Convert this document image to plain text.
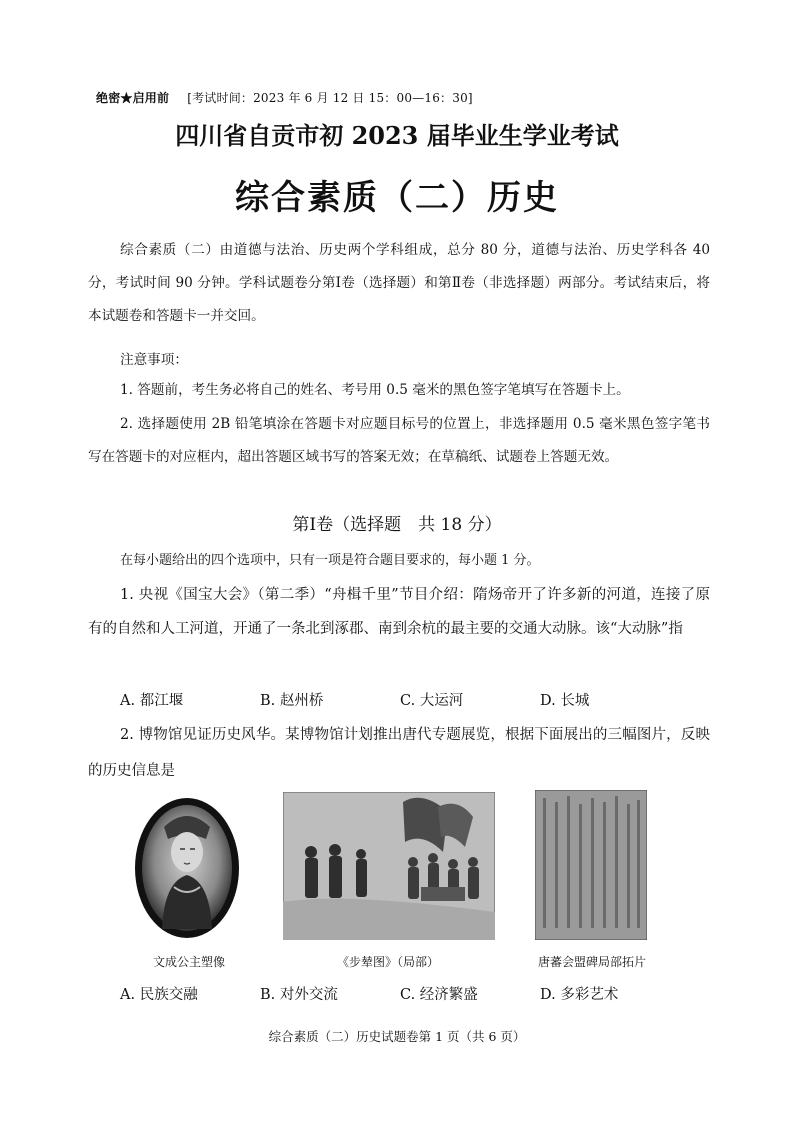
绝密★启用前 [考试时间：2023 年 6 月 12 日 15：00—16：30]
四川省自贡市初 2023 届毕业生学业考试
综合素质（二）历史
综合素质（二）由道德与法治、历史两个学科组成，总分 80 分，道德与法治、历史学科各 40 分，考试时间 90 分钟。学科试题卷分第Ⅰ卷（选择题）和第Ⅱ卷（非选择题）两部分。考试结束后，将本试题卷和答题卡一并交回。
注意事项：
1. 答题前，考生务必将自己的姓名、考号用 0.5 毫米的黑色签字笔填写在答题卡上。
2. 选择题使用 2B 铅笔填涂在答题卡对应题目标号的位置上，非选择题用 0.5 毫米黑色签字笔书写在答题卡的对应框内，超出答题区域书写的答案无效；在草稿纸、试题卷上答题无效。
第Ⅰ卷（选择题　共 18 分）
在每小题给出的四个选项中，只有一项是符合题目要求的，每小题 1 分。
1. 央视《国宝大会》（第二季）“舟楫千里”节目介绍：隋炀帝开了许多新的河道，连接了原有的自然和人工河道，开通了一条北到涿郡、南到余杭的最主要的交通大动脉。该“大动脉”指
A. 都江堰	B. 赵州桥	C. 大运河	D. 长城
2. 博物馆见证历史风华。某博物馆计划推出唐代专题展览，根据下面展出的三幅图片，反映的历史信息是
文成公主塑像	《步辇图》（局部）	唐蕃会盟碑局部拓片
A. 民族交融	B. 对外交流	C. 经济繁盛	D. 多彩艺术
综合素质（二）历史试题卷第 1 页（共 6 页）
